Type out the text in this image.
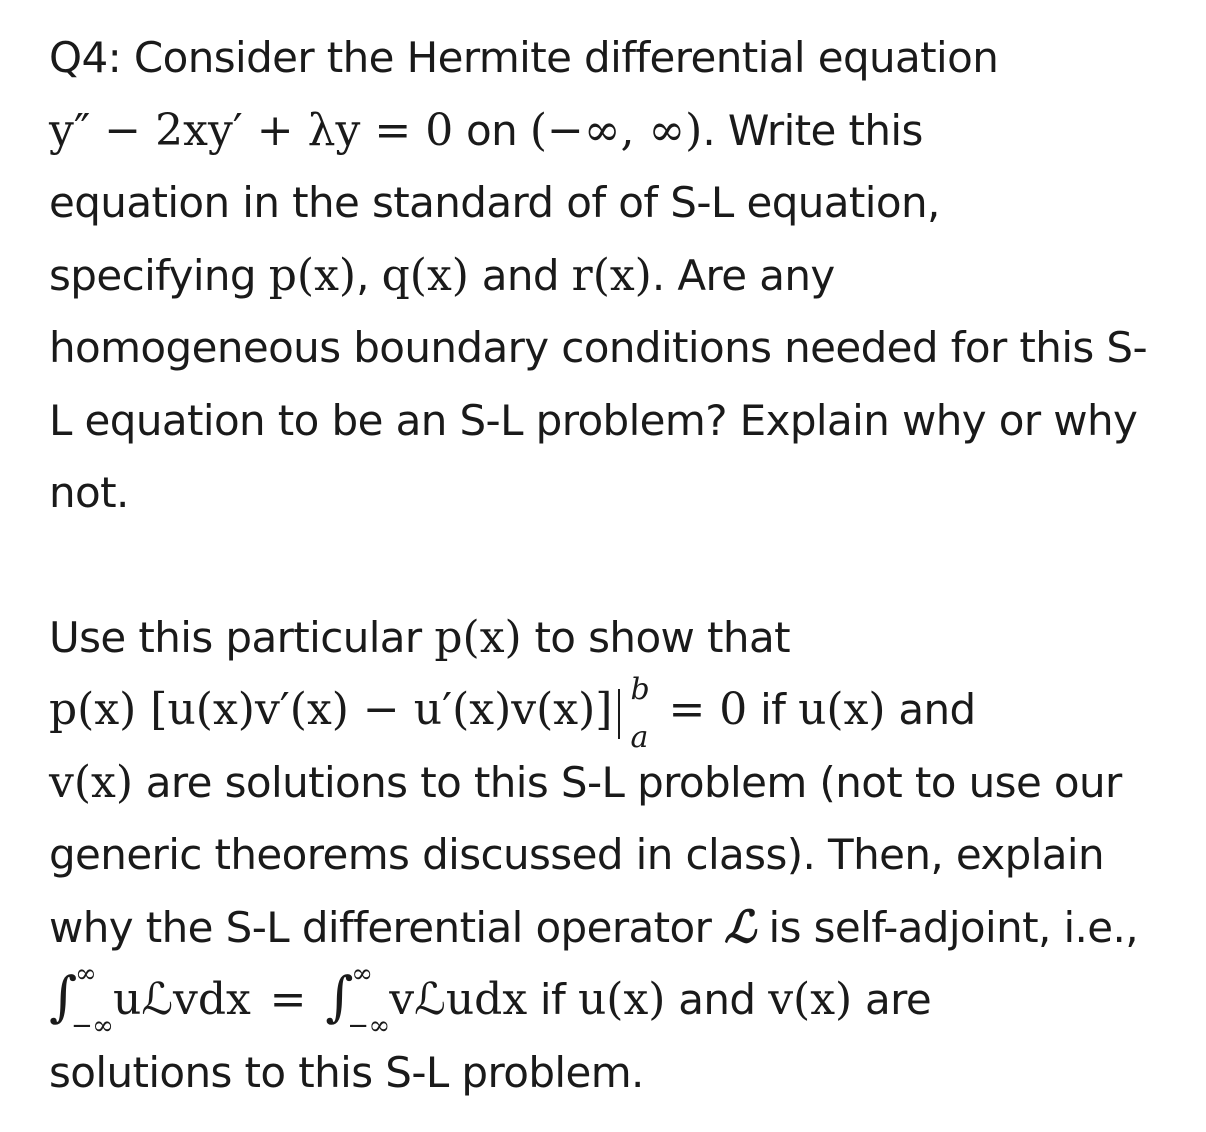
Q4: Consider the Hermite differential equation
y″ − 2xy′ + λy = 0 on (−∞, ∞). Write this
equation in the standard of of S-L equation,
specifying p(x), q(x) and r(x). Are any
homogeneous boundary conditions needed for this S-
L equation to be an S-L problem? Explain why or why
not.

Use this particular p(x) to show that
p(x) [u(x)v′(x) − u′(x)v(x)] b
a
= 0 if u(x) and
v(x) are solutions to this S-L problem (not to use our
generic theorems discussed in class). Then, explain
why the S-L differential operator ℒ is self-adjoint, i.e.,
∫
∞
−∞
uℒvdx = ∫
∞
−∞
vℒudx if u(x) and v(x) are
solutions to this S-L problem.
